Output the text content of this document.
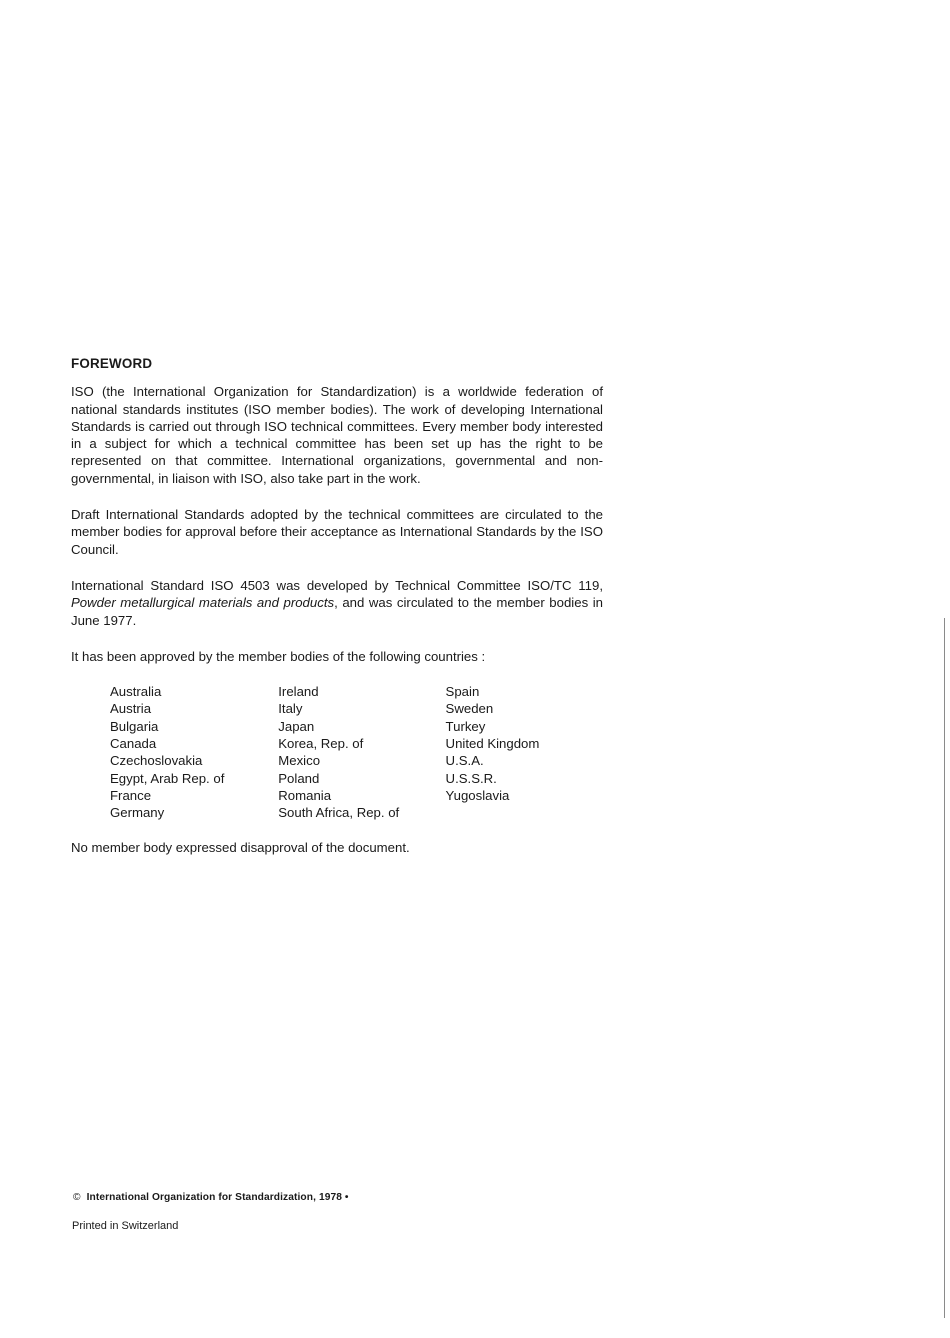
FOREWORD

ISO (the International Organization for Standardization) is a worldwide federation of national standards institutes (ISO member bodies). The work of developing International Standards is carried out through ISO technical committees. Every member body interested in a subject for which a technical committee has been set up has the right to be represented on that committee. International organizations, governmental and non-governmental, in liaison with ISO, also take part in the work.

Draft International Standards adopted by the technical committees are circulated to the member bodies for approval before their acceptance as International Standards by the ISO Council.

International Standard ISO 4503 was developed by Technical Committee ISO/TC 119, Powder metallurgical materials and products, and was circulated to the member bodies in June 1977.

It has been approved by the member bodies of the following countries :

Australia
Austria
Bulgaria
Canada
Czechoslovakia
Egypt, Arab Rep. of
France
Germany
Ireland
Italy
Japan
Korea, Rep. of
Mexico
Poland
Romania
South Africa, Rep. of
Spain
Sweden
Turkey
United Kingdom
U.S.A.
U.S.S.R.
Yugoslavia

No member body expressed disapproval of the document.

© International Organization for Standardization, 1978 •
Printed in Switzerland
